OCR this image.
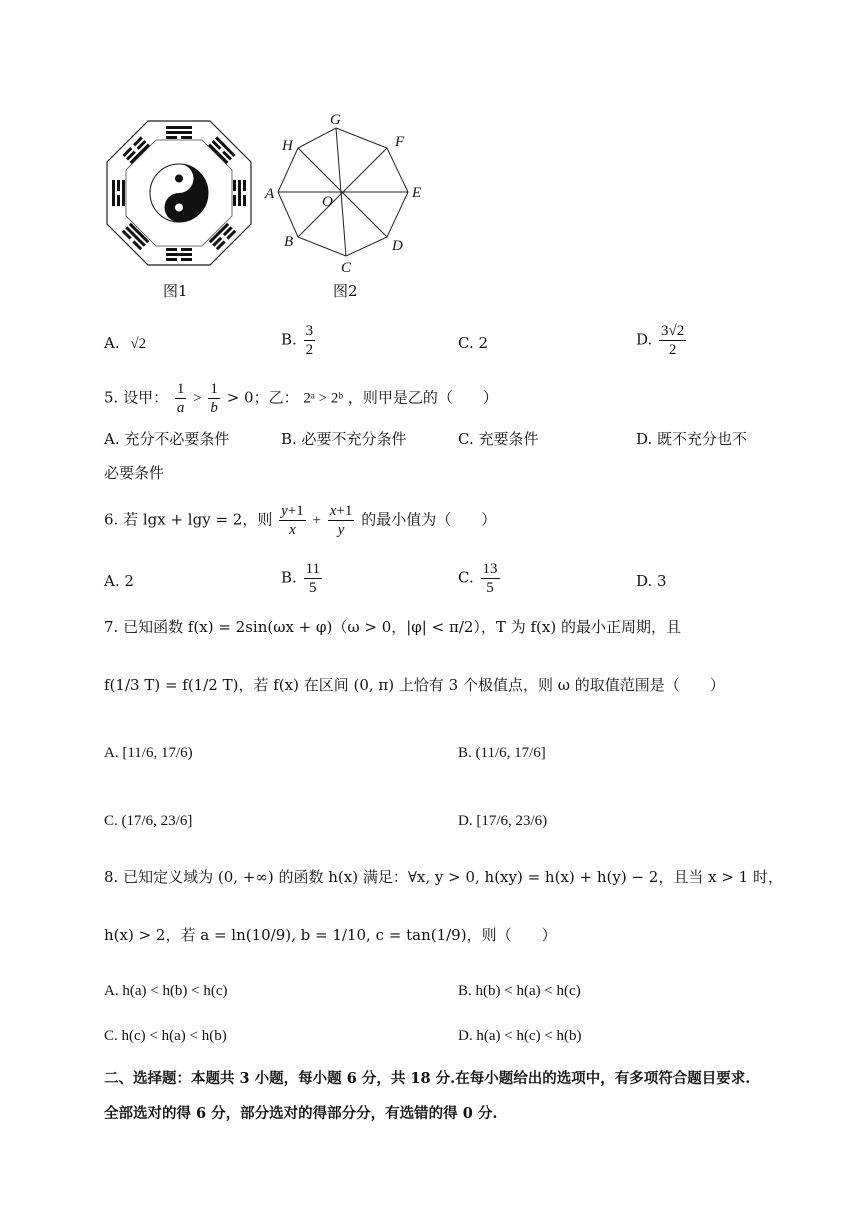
图1
G
F
E
D
C
B
A
H
O
图2
A. √2	B. $\frac{3}{2}$	C. 2	D. $\frac{3√2}{2}$
5. 设甲： $\frac{1}{a} > \frac{1}{b} > 0$；乙： 2ᵃ > 2ᵇ ，则甲是乙的（　　）
A. 充分不必要条件	B. 必要不充分条件	C. 充要条件	D. 既不充分也不
必要条件
6. 若 lgx + lgy = 2，则 $\frac{y+1}{x} + \frac{x+1}{y}$ 的最小值为（　　）
A. 2	B. $\frac{11}{5}$	C. $\frac{13}{5}$	D. 3
7. 已知函数 f(x) = 2sin(ωx + φ)（ω > 0，|φ| < π/2），T 为 f(x) 的最小正周期，且
f(1/3 T) = f(1/2 T)，若 f(x) 在区间 (0, π) 上恰有 3 个极值点，则 ω 的取值范围是（　　）
A. [11/6, 17/6)	B. (11/6, 17/6]
C. (17/6, 23/6]	D. [17/6, 23/6)
8. 已知定义域为 (0, +∞) 的函数 h(x) 满足：∀x, y > 0, h(xy) = h(x) + h(y) − 2，且当 x > 1 时，
h(x) > 2，若 a = ln(10/9), b = 1/10, c = tan(1/9)，则（　　）
A. h(a) < h(b) < h(c)	B. h(b) < h(a) < h(c)
C. h(c) < h(a) < h(b)	D. h(a) < h(c) < h(b)
二、选择题：本题共 3 小题，每小题 6 分，共 18 分.在每小题给出的选项中，有多项符合题目要求.
全部选对的得 6 分，部分选对的得部分分，有选错的得 0 分.
